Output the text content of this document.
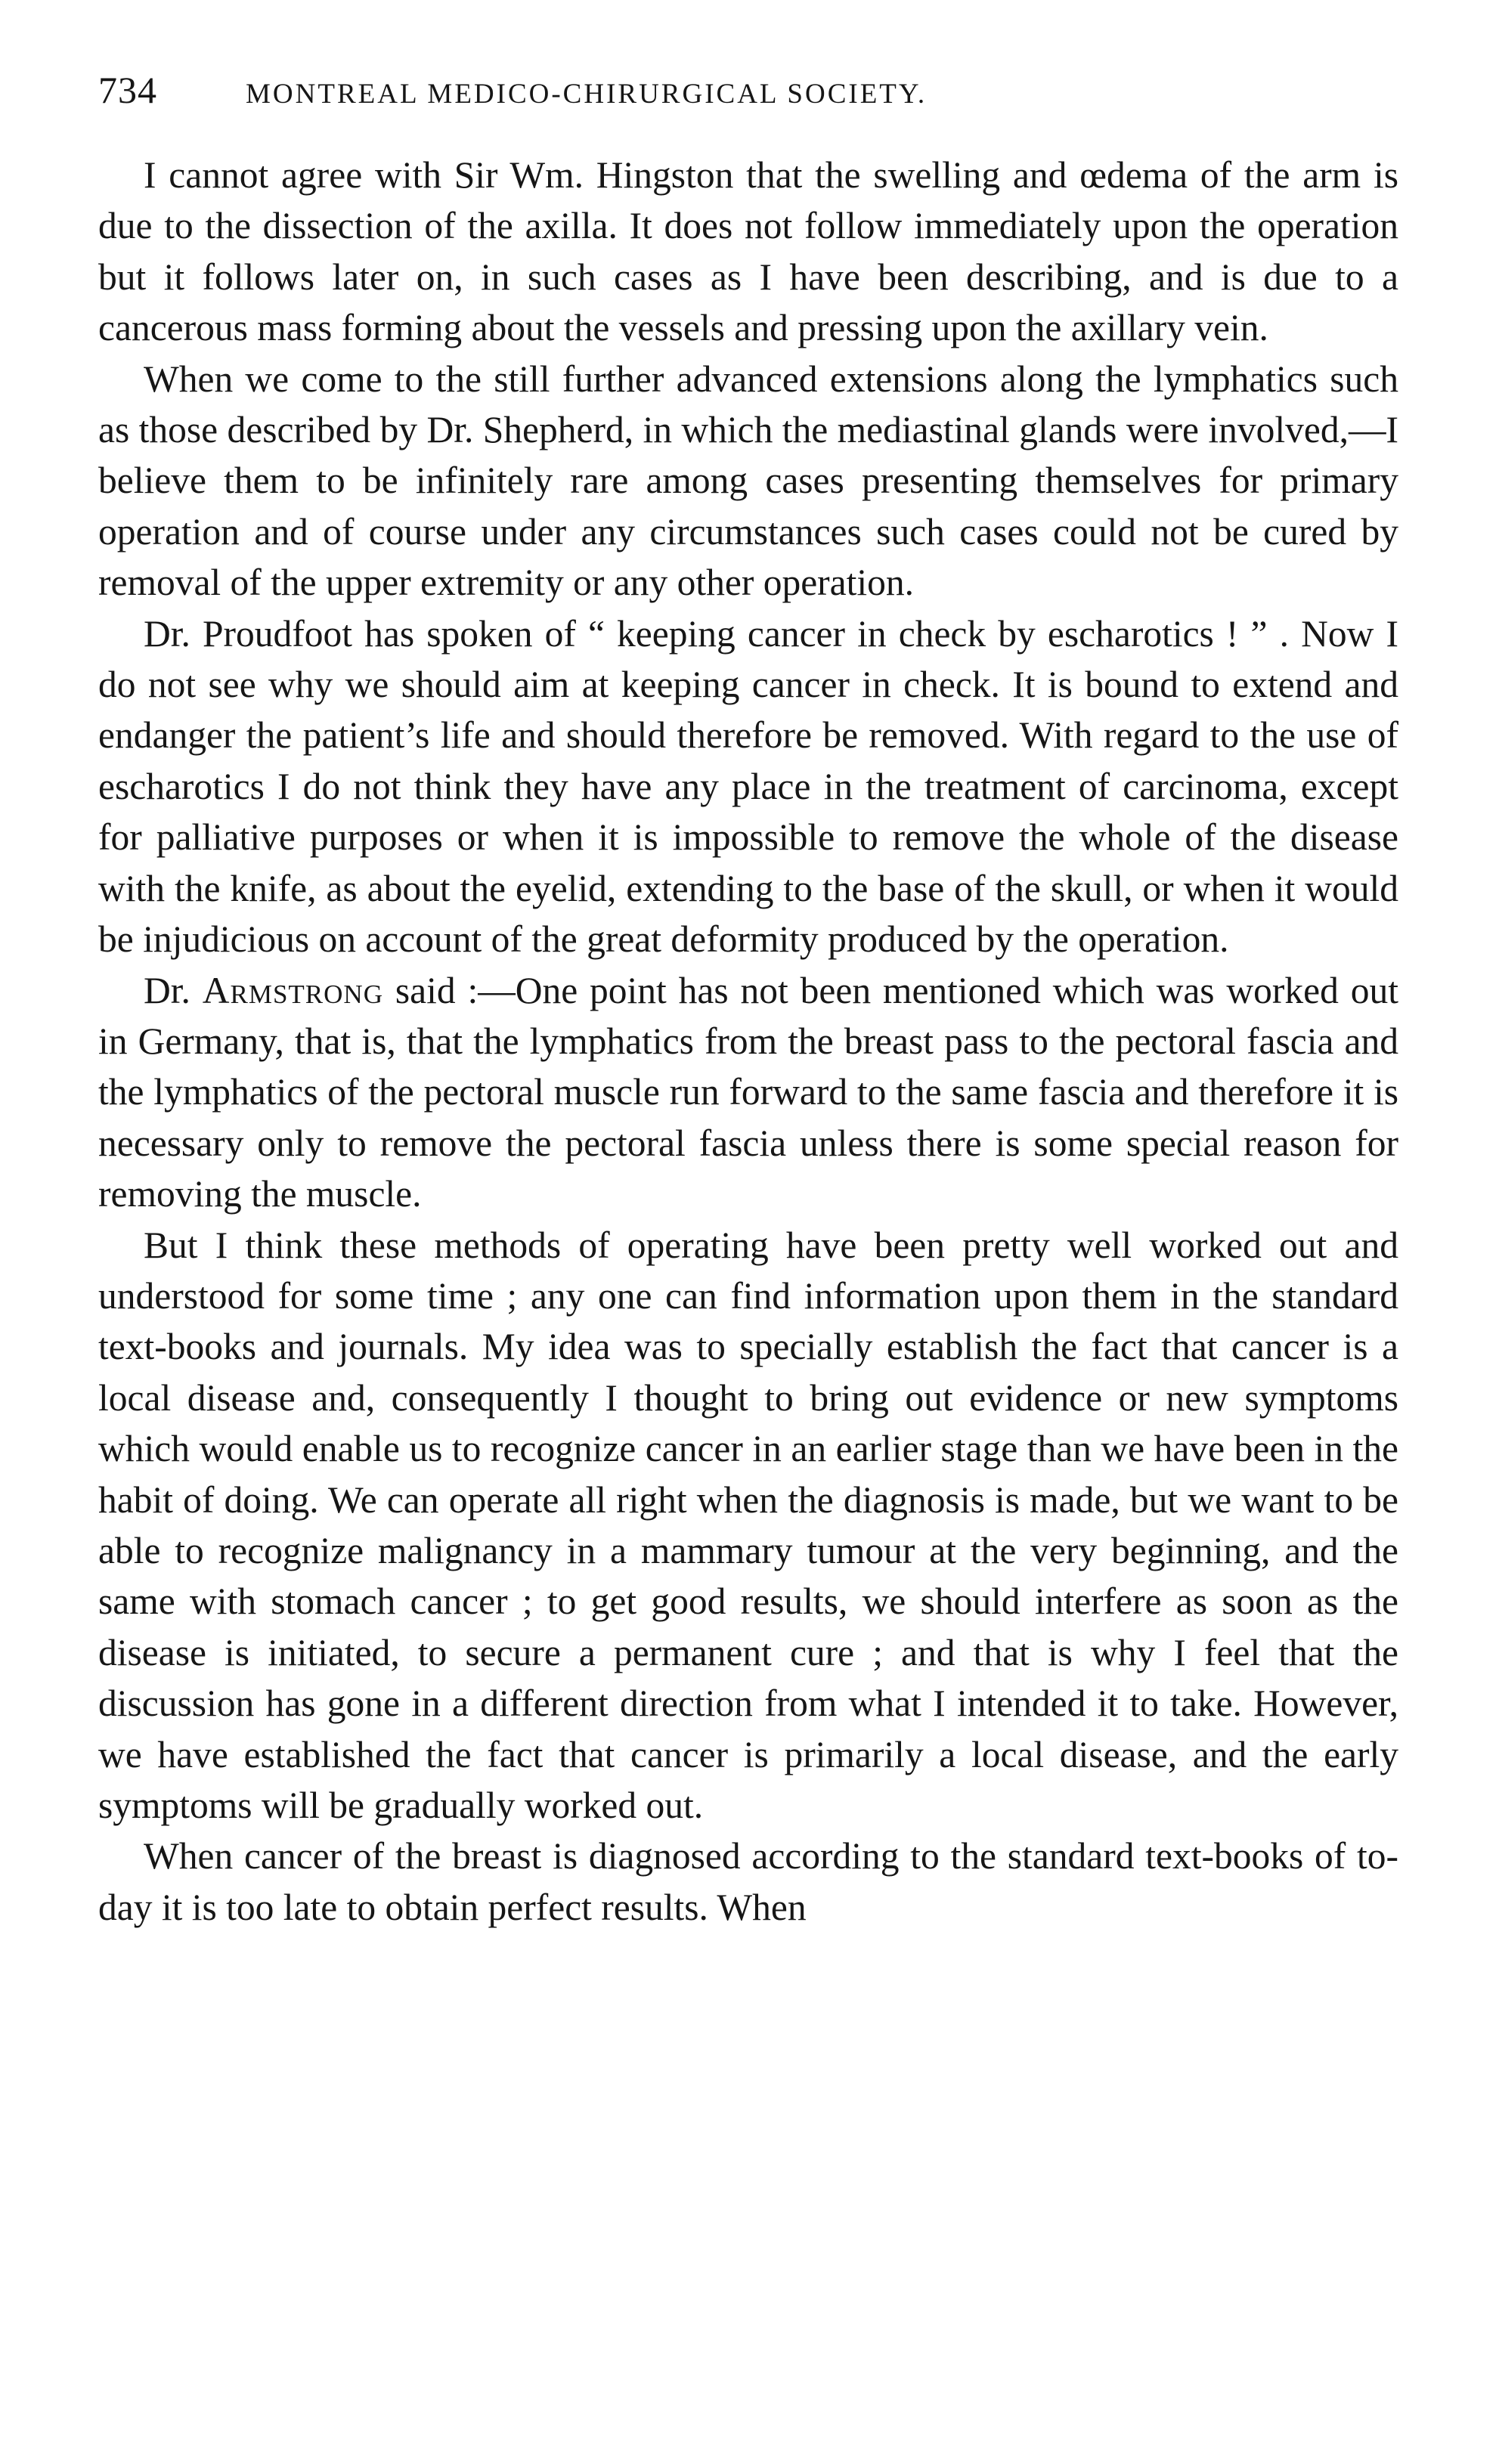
734	MONTREAL MEDICO-CHIRURGICAL SOCIETY.

I cannot agree with Sir Wm. Hingston that the swelling and œdema of the arm is due to the dissection of the axilla. It does not follow immediately upon the operation but it follows later on, in such cases as I have been describing, and is due to a cancerous mass forming about the vessels and pressing upon the axillary vein.

When we come to the still further advanced extensions along the lymphatics such as those described by Dr. Shepherd, in which the mediastinal glands were involved,—I believe them to be infinitely rare among cases presenting themselves for primary operation and of course under any circumstances such cases could not be cured by removal of the upper extremity or any other operation.

Dr. Proudfoot has spoken of “ keeping cancer in check by escharotics ! ” . Now I do not see why we should aim at keeping cancer in check. It is bound to extend and endanger the patient’s life and should therefore be removed. With regard to the use of escharotics I do not think they have any place in the treatment of carcinoma, except for palliative purposes or when it is impossible to remove the whole of the disease with the knife, as about the eyelid, extending to the base of the skull, or when it would be injudicious on account of the great deformity produced by the operation.

Dr. Armstrong said :—One point has not been mentioned which was worked out in Germany, that is, that the lymphatics from the breast pass to the pectoral fascia and the lymphatics of the pectoral muscle run forward to the same fascia and therefore it is necessary only to remove the pectoral fascia unless there is some special reason for removing the muscle.

But I think these methods of operating have been pretty well worked out and understood for some time ; any one can find information upon them in the standard text-books and journals. My idea was to specially establish the fact that cancer is a local disease and, consequently I thought to bring out evidence or new symptoms which would enable us to recognize cancer in an earlier stage than we have been in the habit of doing. We can operate all right when the diagnosis is made, but we want to be able to recognize malignancy in a mammary tumour at the very beginning, and the same with stomach cancer ; to get good results, we should interfere as soon as the disease is initiated, to secure a permanent cure ; and that is why I feel that the discussion has gone in a different direction from what I intended it to take. However, we have established the fact that cancer is primarily a local disease, and the early symptoms will be gradually worked out.

When cancer of the breast is diagnosed according to the standard text-books of to-day it is too late to obtain perfect results. When
